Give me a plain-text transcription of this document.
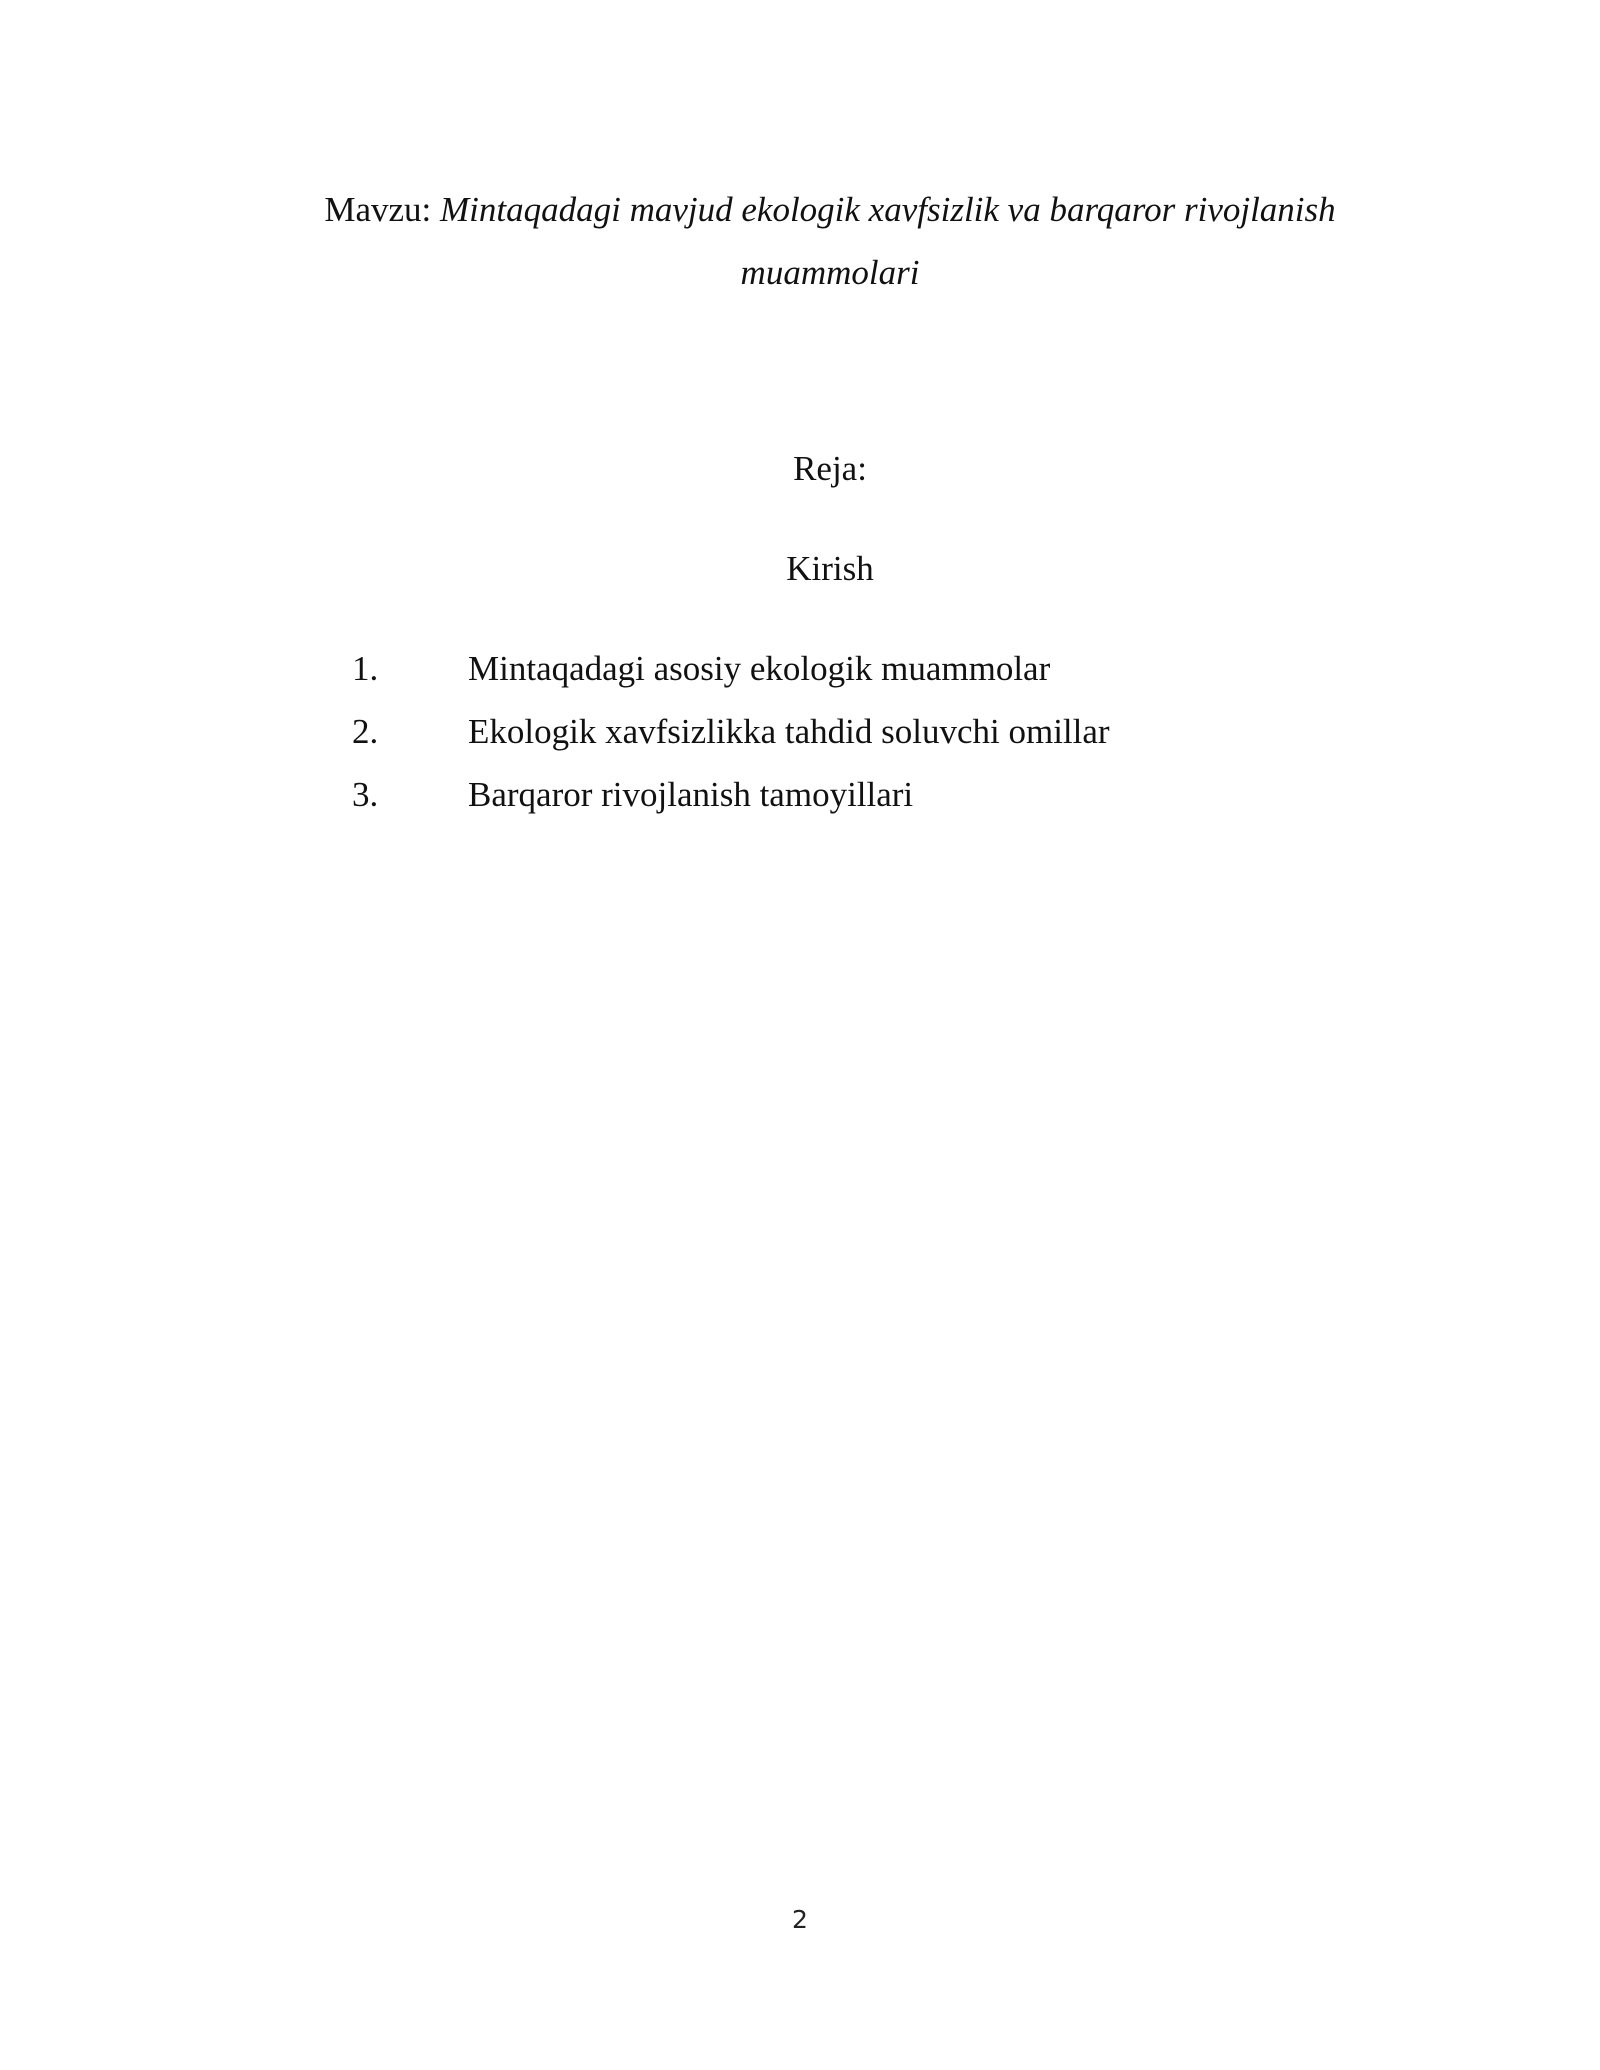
Mavzu: Mintaqadagi mavjud ekologik xavfsizlik va barqaror rivojlanish muammolari
Reja:
Kirish
1.	Mintaqadagi asosiy ekologik muammolar
2.	Ekologik xavfsizlikka tahdid soluvchi omillar
3.	Barqaror rivojlanish tamoyillari
2
